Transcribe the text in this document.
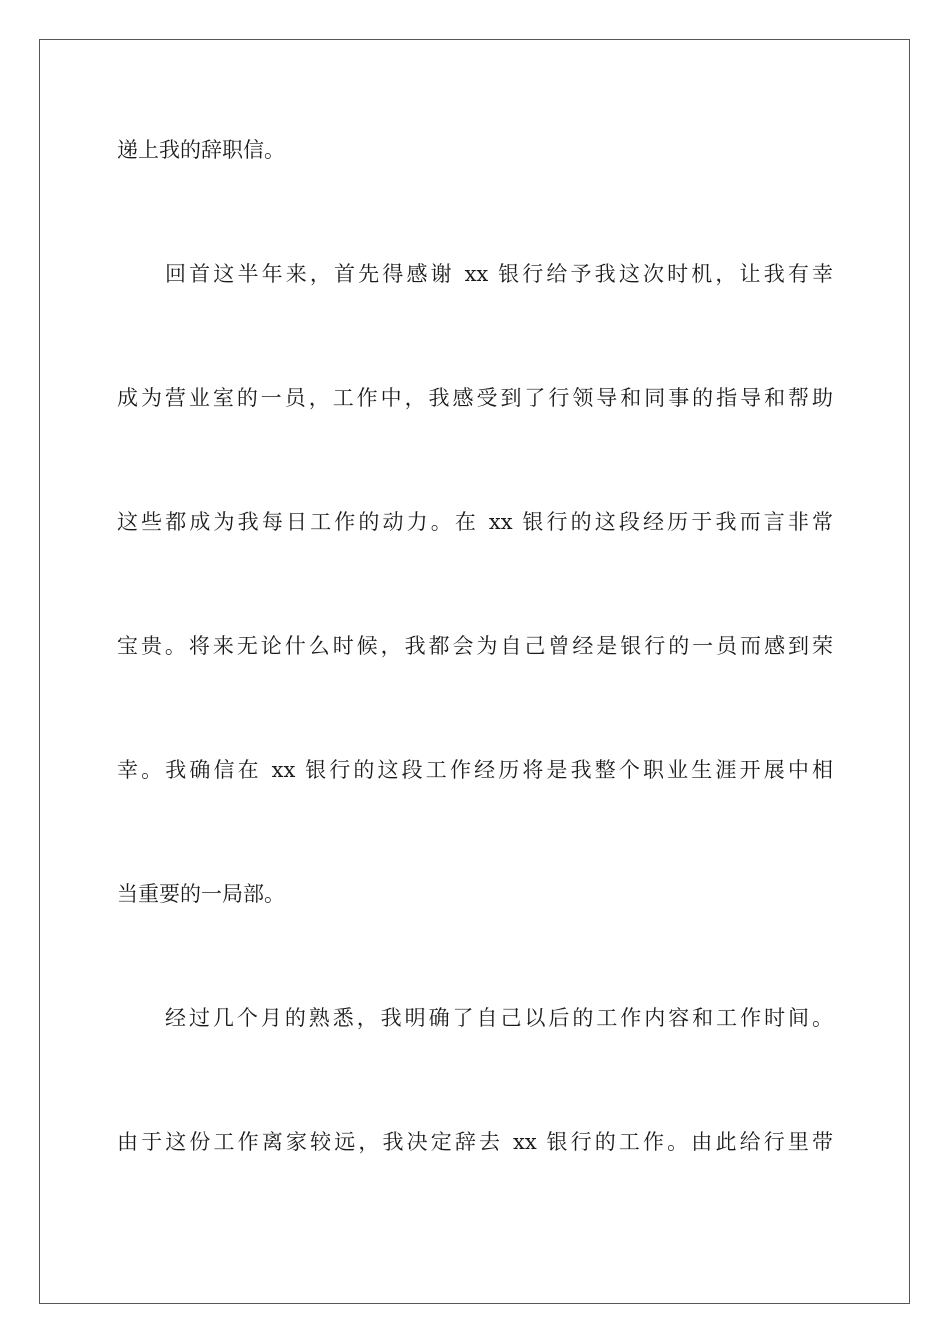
递上我的辞职信。
回首这半年来，首先得感谢 xx 银行给予我这次时机，让我有幸
成为营业室的一员，工作中，我感受到了行领导和同事的指导和帮助
这些都成为我每日工作的动力。在 xx 银行的这段经历于我而言非常
宝贵。将来无论什么时候，我都会为自己曾经是银行的一员而感到荣
幸。我确信在 xx 银行的这段工作经历将是我整个职业生涯开展中相
当重要的一局部。
经过几个月的熟悉，我明确了自己以后的工作内容和工作时间。
由于这份工作离家较远，我决定辞去 xx 银行的工作。由此给行里带
